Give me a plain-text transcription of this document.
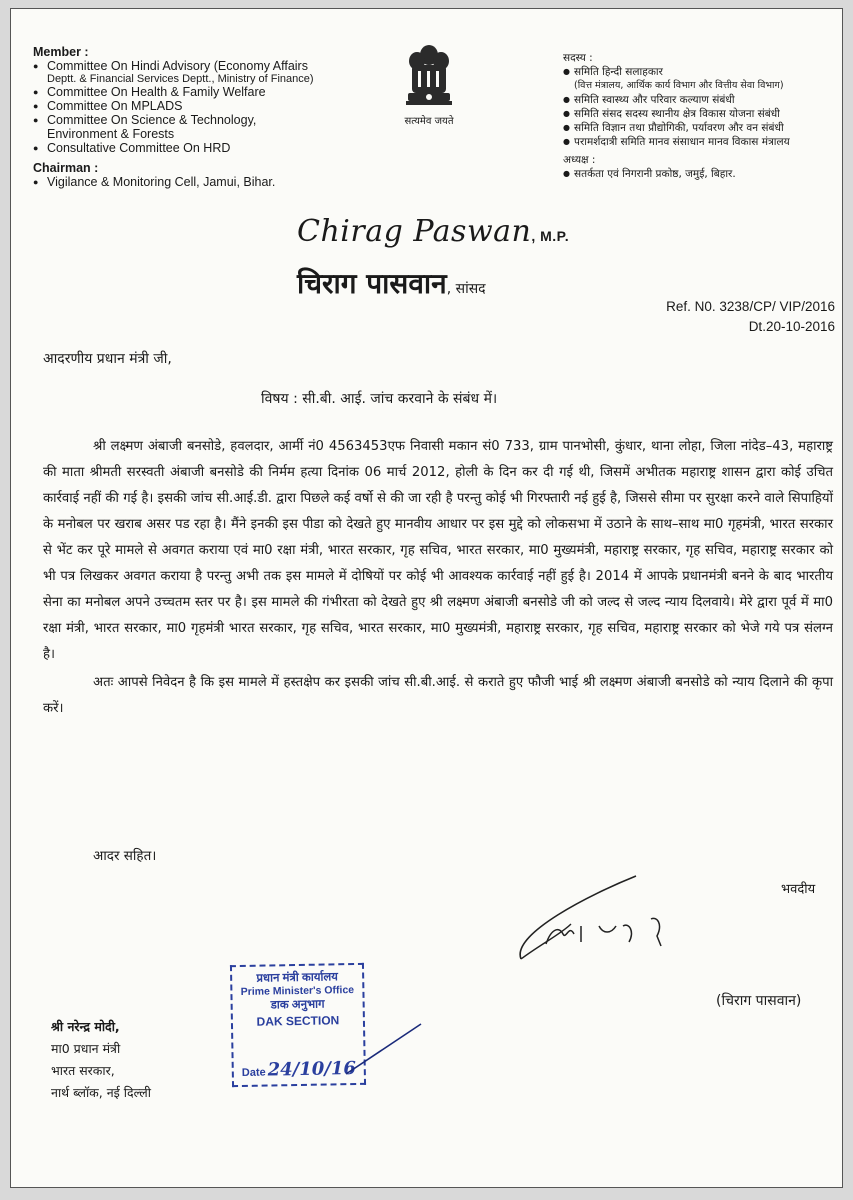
Member :
● Committee On Hindi Advisory (Economy Affairs
Deptt. & Financial Services Deptt., Ministry of Finance)
● Committee On Health & Family Welfare
● Committee On MPLADS
● Committee On Science & Technology,
Environment & Forests
● Consultative Committee On HRD
Chairman :
● Vigilance & Monitoring Cell, Jamui, Bihar.
सत्यमेव जयते
सदस्य :
● समिति हिन्दी सलाहकार
(वित्त मंत्रालय, आर्थिक कार्य विभाग और वित्तीय सेवा विभाग)
● समिति स्वास्थ्य और परिवार कल्याण संबंधी
● समिति संसद सदस्य स्थानीय क्षेत्र विकास योजना संबंधी
● समिति विज्ञान तथा प्रौद्योगिकी, पर्यावरण और वन संबंधी
● परामर्शदात्री समिति मानव संसाधान मानव विकास मंत्रालय
अध्यक्ष :
● सतर्कता एवं निगरानी प्रकोष्ठ, जमुई, बिहार.
Chirag Paswan, M.P.
चिराग पासवान, सांसद
Ref. N0. 3238/CP/ VIP/2016
Dt.20-10-2016
आदरणीय प्रधान मंत्री जी,
विषय : सी.बी. आई. जांच करवाने के संबंध में।

श्री लक्ष्मण अंबाजी बनसोडे, हवलदार, आर्मी नं0 4563453एफ निवासी मकान सं0 733, ग्राम पानभोसी, कुंधार, थाना लोहा, जिला नांदेड–43, महाराष्ट्र की माता श्रीमती सरस्वती अंबाजी बनसोडे की निर्मम हत्या दिनांक 06 मार्च 2012, होली के दिन कर दी गई थी, जिसमें अभीतक महाराष्ट्र शासन द्वारा कोई उचित कार्रवाई नहीं की गई है। इसकी जांच सी.आई.डी. द्वारा पिछले कई वर्षो से की जा रही है परन्तु कोई भी गिरफ्तारी नई हुई है, जिससे सीमा पर सुरक्षा करने वाले सिपाहियों के मनोबल पर खराब असर पड रहा है। मैंने इनकी इस पीडा को देखते हुए मानवीय आधार पर इस मुद्दे को लोकसभा में उठाने के साथ–साथ मा0 गृहमंत्री, भारत सरकार से भेंट कर पूरे मामले से अवगत कराया एवं मा0 रक्षा मंत्री, भारत सरकार, गृह सचिव, भारत सरकार, मा0 मुख्यमंत्री, महाराष्ट्र सरकार, गृह सचिव, महाराष्ट्र सरकार को भी पत्र लिखकर अवगत कराया है परन्तु अभी तक इस मामले में दोषियों पर कोई भी आवश्यक कार्रवाई नहीं हुई है। 2014 में आपके प्रधानमंत्री बनने के बाद भारतीय सेना का मनोबल अपने उच्चतम स्तर पर है। इस मामले की गंभीरता को देखते हुए श्री लक्ष्मण अंबाजी बनसोडे जी को जल्द से जल्द न्याय दिलवाये। मेरे द्वारा पूर्व में मा0 रक्षा मंत्री, भारत सरकार, मा0 गृहमंत्री भारत सरकार, गृह सचिव, भारत सरकार, मा0 मुख्यमंत्री, महाराष्ट्र सरकार, गृह सचिव, महाराष्ट्र सरकार को भेजे गये पत्र संलग्न है।

अतः आपसे निवेदन है कि इस मामले में हस्तक्षेप कर इसकी जांच सी.बी.आई. से कराते हुए फौजी भाई श्री लक्ष्मण अंबाजी बनसोडे को न्याय दिलाने की कृपा करें।

आदर सहित।
भवदीय
(चिराग पासवान)
प्रधान मंत्री कार्यालय
Prime Minister's Office
डाक अनुभाग
DAK SECTION
Date24/10/16
श्री नरेन्द्र मोदी,
मा0 प्रधान मंत्री
भारत सरकार,
नार्थ ब्लॉक, नई दिल्ली
